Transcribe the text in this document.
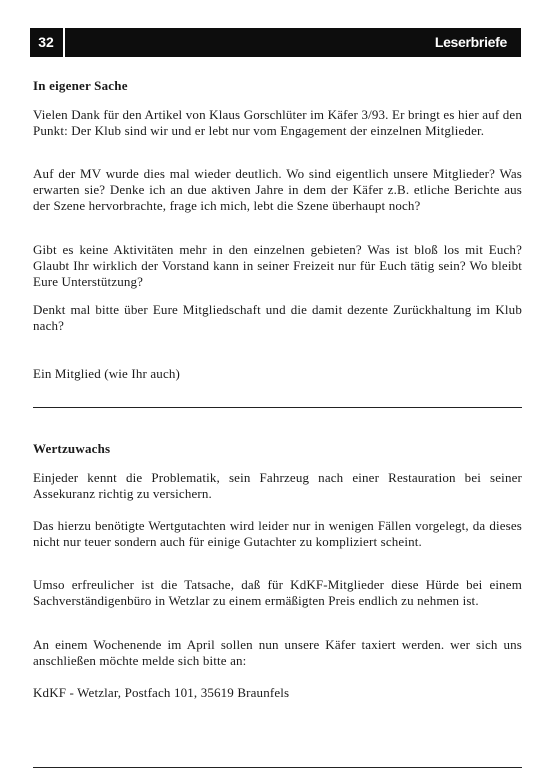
32	Leserbriefe

In eigener Sache

Vielen Dank für den Artikel von Klaus Gorschlüter im Käfer 3/93. Er bringt es hier auf den Punkt: Der Klub sind wir und er lebt nur vom Engagement der einzelnen Mitglieder.

Auf der MV wurde dies mal wieder deutlich. Wo sind eigentlich unsere Mitglieder? Was erwarten sie? Denke ich an due aktiven Jahre in dem der Käfer z.B. etliche Berichte aus der Szene hervorbrachte, frage ich mich, lebt die Szene überhaupt noch?

Gibt es keine Aktivitäten mehr in den einzelnen gebieten? Was ist bloß los mit Euch? Glaubt Ihr wirklich der Vorstand kann in seiner Freizeit nur für Euch tätig sein? Wo bleibt Eure Unterstützung?

Denkt mal bitte über Eure Mitgliedschaft und die damit dezente Zurückhaltung im Klub nach?

Ein Mitglied (wie Ihr auch)

Wertzuwachs

Einjeder kennt die Problematik, sein Fahrzeug nach einer Restauration bei seiner Assekuranz richtig zu versichern.

Das hierzu benötigte Wertgutachten wird leider nur in wenigen Fällen vorgelegt, da dieses nicht nur teuer sondern auch für einige Gutachter zu kompliziert scheint.

Umso erfreulicher ist die Tatsache, daß für KdKF-Mitglieder diese Hürde bei einem Sachverständigenbüro in Wetzlar zu einem ermäßigten Preis endlich zu nehmen ist.

An einem Wochenende im April sollen nun unsere Käfer taxiert werden. wer sich uns anschließen möchte melde sich bitte an:

KdKF - Wetzlar, Postfach 101, 35619 Braunfels
